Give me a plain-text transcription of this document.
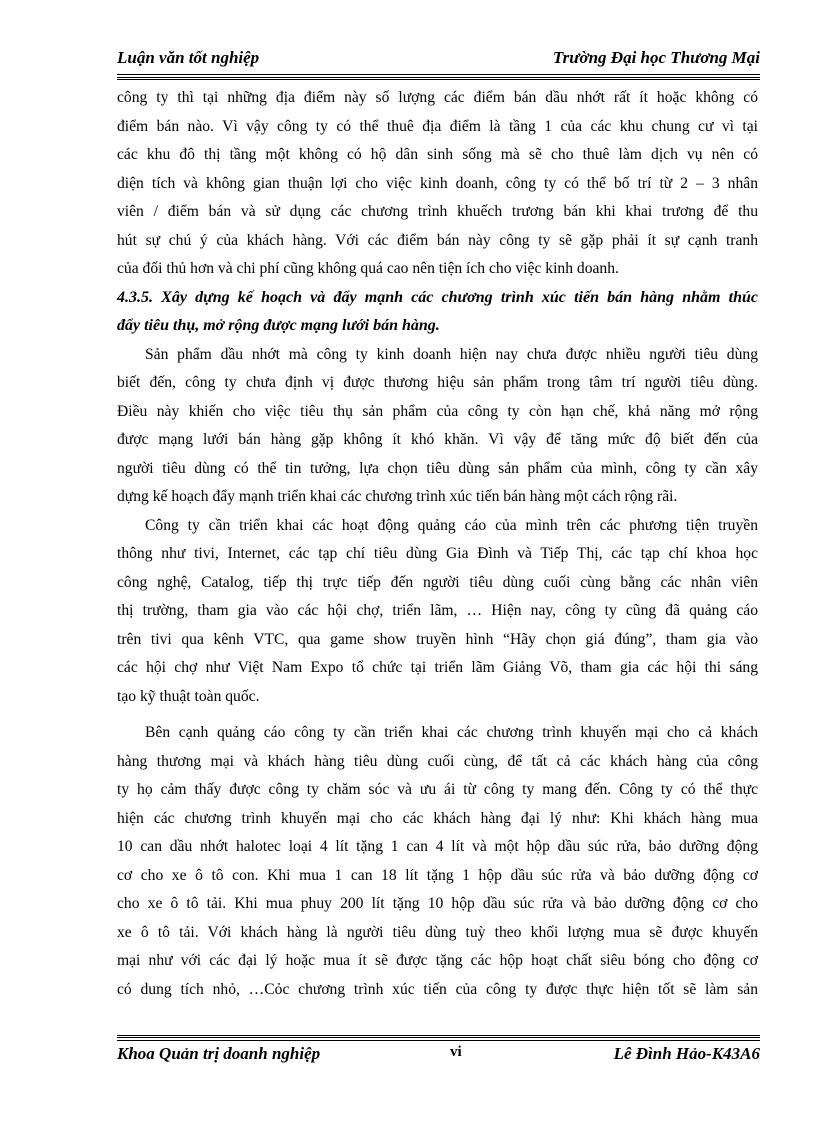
Luận văn tốt nghiệp	Trường Đại học Thương Mại
công ty thì tại những địa điểm này số lượng các điểm bán dầu nhớt rất ít hoặc không có
điểm bán nào. Vì vậy công ty có thể thuê địa điểm là tầng 1 của các khu chung cư vì tại
các khu đô thị tầng một không có hộ dân sinh sống mà sẽ cho thuê làm dịch vụ nên có
diện tích và không gian thuận lợi cho việc kinh doanh, công ty có thể bố trí từ 2 – 3 nhân
viên / điểm bán và sử dụng các chương trình khuếch trương bán khi khai trương để thu
hút sự chú ý của khách hàng. Với các điểm bán này công ty sẽ gặp phải ít sự cạnh tranh
của đối thủ hơn và chi phí cũng không quá cao nên tiện ích cho việc kinh doanh.
4.3.5. Xây dựng kế hoạch và đẩy mạnh các chương trình xúc tiến bán hàng nhằm thúc
đẩy tiêu thụ, mở rộng được mạng lưới bán hàng.
Sản phẩm dầu nhớt mà công ty kinh doanh hiện nay chưa được nhiều người tiêu dùng
biết đến, công ty chưa định vị được thương hiệu sản phẩm trong tâm trí người tiêu dùng.
Điều này khiến cho việc tiêu thụ sản phẩm của công ty còn hạn chế, khả năng mở rộng
được mạng lưới bán hàng gặp không ít khó khăn. Vì vậy để tăng mức độ biết đến của
người tiêu dùng có thể tin tưởng, lựa chọn tiêu dùng sản phẩm của mình, công ty cần xây
dựng kế hoạch đẩy mạnh triển khai các chương trình xúc tiến bán hàng một cách rộng rãi.
Công ty cần triển khai các hoạt động quảng cáo của mình trên các phương tiện truyền
thông như tivi, Internet, các tạp chí tiêu dùng Gia Đình và Tiếp Thị, các tạp chí khoa học
công nghệ, Catalog, tiếp thị trực tiếp đến người tiêu dùng cuối cùng bằng các nhân viên
thị trường, tham gia vào các hội chợ, triển lãm, … Hiện nay, công ty cũng đã quảng cáo
trên tivi qua kênh VTC, qua game show truyền hình “Hãy chọn giá đúng”, tham gia vào
các hội chợ như Việt Nam Expo tổ chức tại triển lãm Giảng Võ, tham gia các hội thi sáng
tạo kỹ thuật toàn quốc.
Bên cạnh quảng cáo công ty cần triển khai các chương trình khuyến mại cho cả khách
hàng thương mại và khách hàng tiêu dùng cuối cùng, để tất cả các khách hàng của công
ty họ cảm thấy được công ty chăm sóc và ưu ái từ công ty mang đến. Công ty có thể thực
hiện các chương trình khuyến mại cho các khách hàng đại lý như: Khi khách hàng mua
10 can dầu nhớt halotec loại 4 lít tặng 1 can 4 lít và một hộp dầu súc rửa, bảo dưỡng động
cơ cho xe ô tô con. Khi mua 1 can 18 lít tặng 1 hộp dầu súc rửa và bảo dưỡng động cơ
cho xe ô tô tải. Khi mua phuy 200 lít tặng 10 hộp dầu súc rửa và bảo dưỡng động cơ cho
xe ô tô tải. Với khách hàng là người tiêu dùng tuỳ theo khối lượng mua sẽ được khuyến
mại như với các đại lý hoặc mua ít sẽ được tặng các hộp hoạt chất siêu bóng cho động cơ
có dung tích nhỏ, …Cỏc chương trình xúc tiến của công ty được thực hiện tốt sẽ làm sản
Khoa Quản trị doanh nghiệp	vi	Lê Đình Hảo-K43A6
